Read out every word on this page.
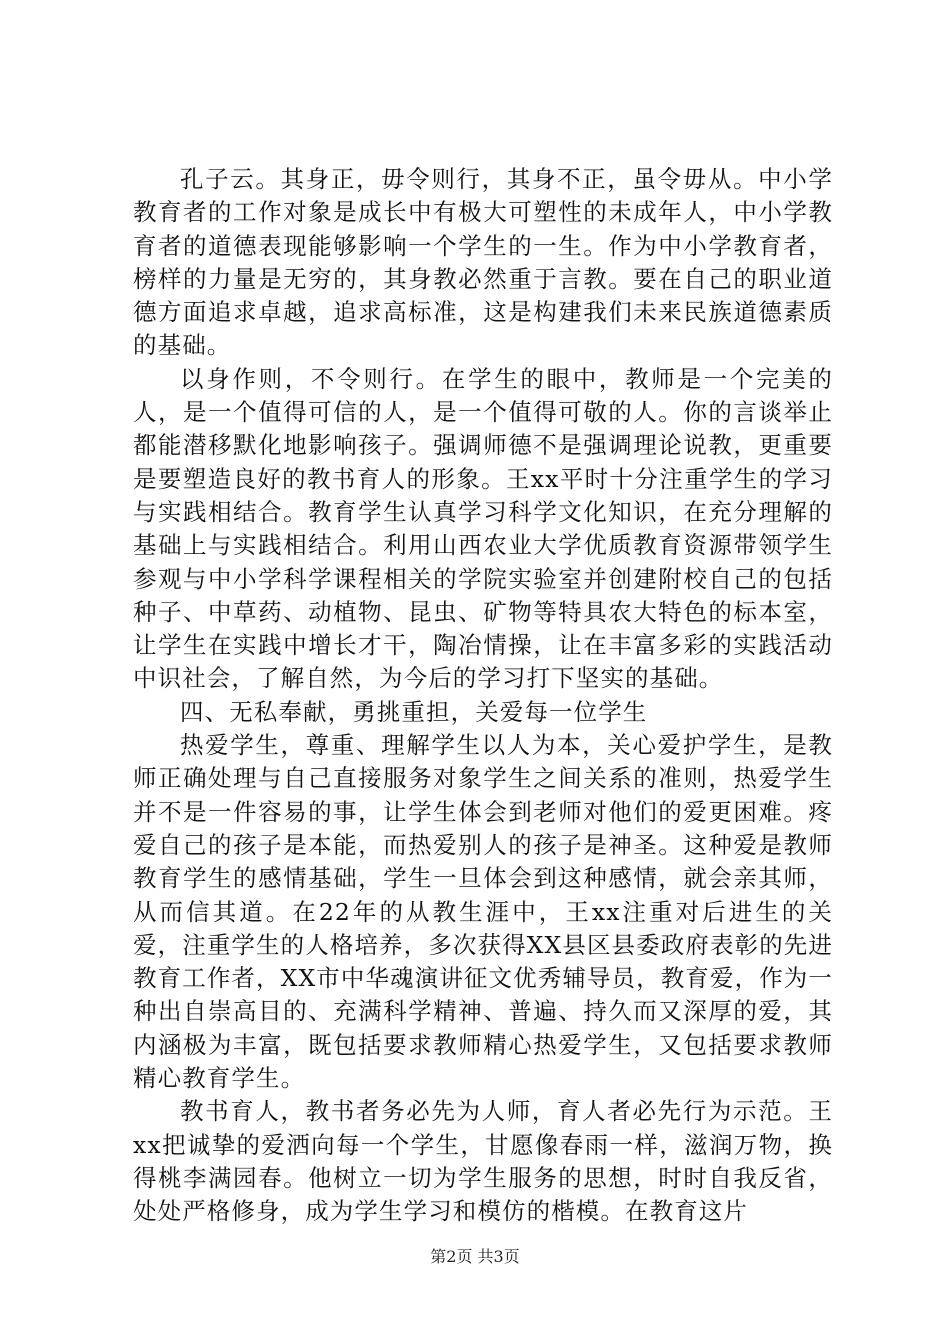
孔子云。其身正，毋令则行，其身不正，虽令毋从。中小学教育者的工作对象是成长中有极大可塑性的未成年人，中小学教育者的道德表现能够影响一个学生的一生。作为中小学教育者，榜样的力量是无穷的，其身教必然重于言教。要在自己的职业道德方面追求卓越，追求高标准，这是构建我们未来民族道德素质的基础。

以身作则，不令则行。在学生的眼中，教师是一个完美的人，是一个值得可信的人，是一个值得可敬的人。你的言谈举止都能潜移默化地影响孩子。强调师德不是强调理论说教，更重要是要塑造良好的教书育人的形象。王xx平时十分注重学生的学习与实践相结合。教育学生认真学习科学文化知识，在充分理解的基础上与实践相结合。利用山西农业大学优质教育资源带领学生参观与中小学科学课程相关的学院实验室并创建附校自己的包括种子、中草药、动植物、昆虫、矿物等特具农大特色的标本室，让学生在实践中增长才干，陶冶情操，让在丰富多彩的实践活动中识社会，了解自然，为今后的学习打下坚实的基础。

四、无私奉献，勇挑重担，关爱每一位学生

热爱学生，尊重、理解学生以人为本，关心爱护学生，是教师正确处理与自己直接服务对象学生之间关系的准则，热爱学生并不是一件容易的事，让学生体会到老师对他们的爱更困难。疼爱自己的孩子是本能，而热爱别人的孩子是神圣。这种爱是教师教育学生的感情基础，学生一旦体会到这种感情，就会亲其师，从而信其道。在22年的从教生涯中，王xx注重对后进生的关爱，注重学生的人格培养，多次获得XX县区县委政府表彰的先进教育工作者，XX市中华魂演讲征文优秀辅导员，教育爱，作为一种出自崇高目的、充满科学精神、普遍、持久而又深厚的爱，其内涵极为丰富，既包括要求教师精心热爱学生，又包括要求教师精心教育学生。

教书育人，教书者务必先为人师，育人者必先行为示范。王xx把诚挚的爱洒向每一个学生，甘愿像春雨一样，滋润万物，换得桃李满园春。他树立一切为学生服务的思想，时时自我反省，处处严格修身，成为学生学习和模仿的楷模。在教育这片

第2页 共3页
